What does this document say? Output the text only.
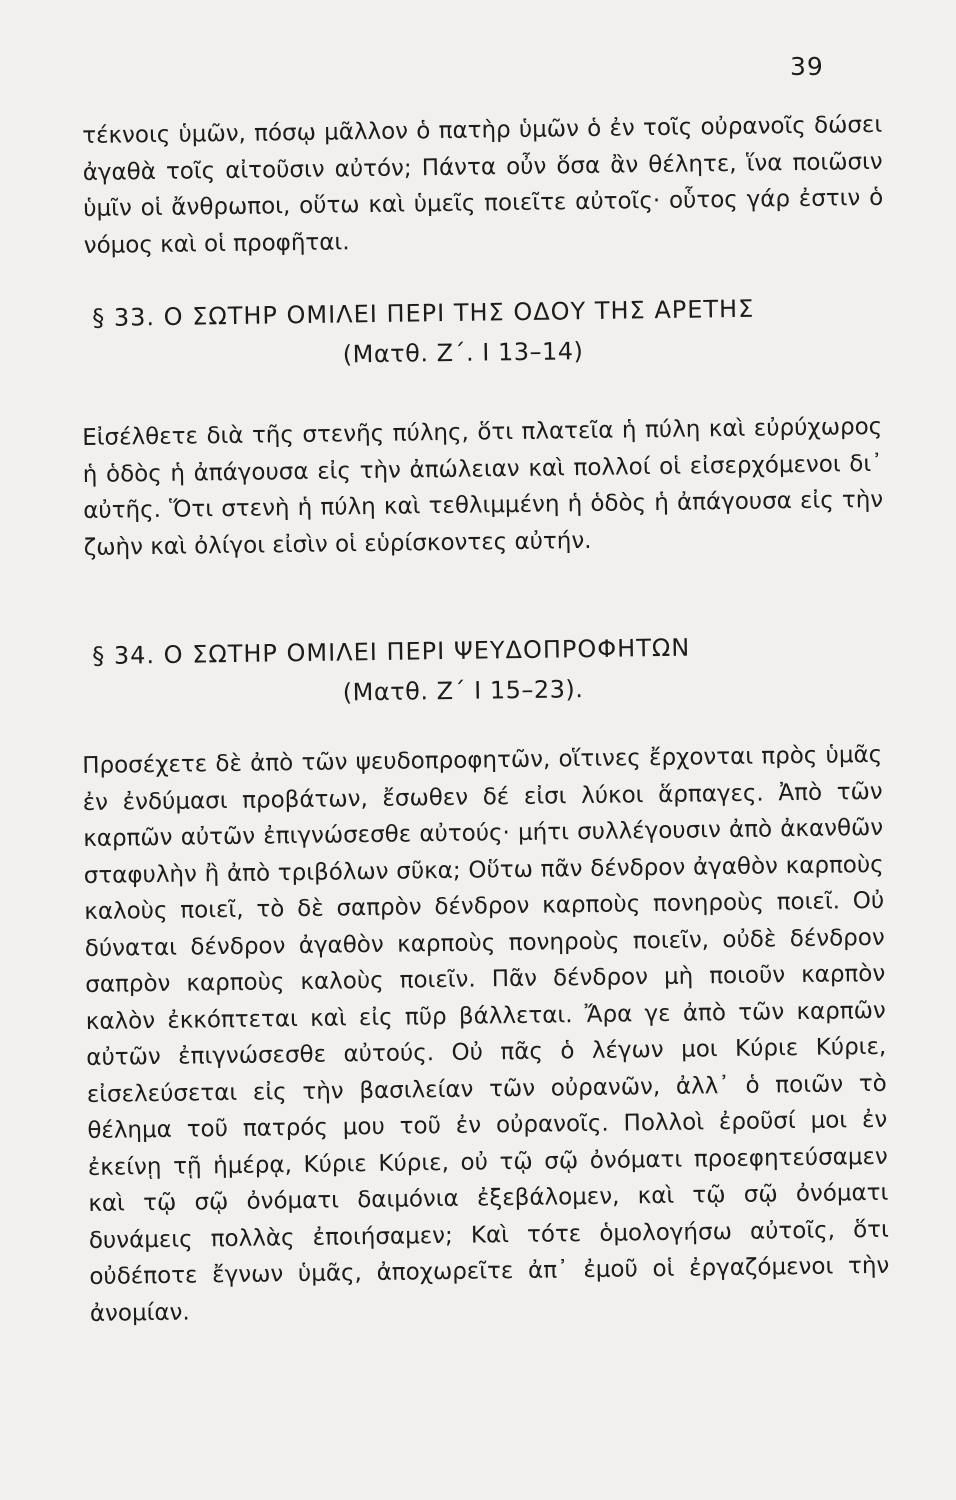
39
τέκνοις ὑμῶν, πόσῳ μᾶλλον ὁ πατὴρ ὑμῶν ὁ ἐν τοῖς οὐρανοῖς δώσει ἀγαθὰ τοῖς αἰτοῦσιν αὐτόν; Πάντα οὖν ὅσα ἂν θέλητε, ἵνα ποιῶσιν ὑμῖν οἱ ἄνθρωποι, οὕτω καὶ ὑμεῖς ποιεῖτε αὐτοῖς· οὗτος γάρ ἐστιν ὁ νόμος καὶ οἱ προφῆται.
§ 33. Ο ΣΩΤΗΡ ΟΜΙΛΕΙ ΠΕΡΙ ΤΗΣ ΟΔΟΥ ΤΗΣ ΑΡΕΤΗΣ
(Ματθ. Ζ΄. Ι 13–14)
Εἰσέλθετε διὰ τῆς στενῆς πύλης, ὅτι πλατεῖα ἡ πύλη καὶ εὐρύχωρος ἡ ὁδὸς ἡ ἀπάγουσα εἰς τὴν ἀπώλειαν καὶ πολλοί οἱ εἰσερχόμενοι δι᾽ αὐτῆς. Ὅτι στενὴ ἡ πύλη καὶ τεθλιμμένη ἡ ὁδὸς ἡ ἀπάγουσα εἰς τὴν ζωὴν καὶ ὀλίγοι εἰσὶν οἱ εὑρίσκοντες αὐτήν.
§ 34. Ο ΣΩΤΗΡ ΟΜΙΛΕΙ ΠΕΡΙ ΨΕΥΔΟΠΡΟΦΗΤΩΝ
(Ματθ. Ζ΄ Ι 15–23).
Προσέχετε δὲ ἀπὸ τῶν ψευδοπροφητῶν, οἵτινες ἔρχονται πρὸς ὑμᾶς ἐν ἐνδύμασι προβάτων, ἔσωθεν δέ εἰσι λύκοι ἅρπαγες. Ἀπὸ τῶν καρπῶν αὐτῶν ἐπιγνώσεσθε αὐτούς· μήτι συλλέγουσιν ἀπὸ ἀκανθῶν σταφυλὴν ἢ ἀπὸ τριβόλων σῦκα; Οὕτω πᾶν δένδρον ἀγαθὸν καρποὺς καλοὺς ποιεῖ, τὸ δὲ σαπρὸν δένδρον καρποὺς πονηροὺς ποιεῖ. Οὐ δύναται δένδρον ἀγαθὸν καρποὺς πονηροὺς ποιεῖν, οὐδὲ δένδρον σαπρὸν καρποὺς καλοὺς ποιεῖν. Πᾶν δένδρον μὴ ποιοῦν καρπὸν καλὸν ἐκκόπτεται καὶ εἰς πῦρ βάλλεται. Ἄρα γε ἀπὸ τῶν καρπῶν αὐτῶν ἐπιγνώσεσθε αὐτούς. Οὐ πᾶς ὁ λέγων μοι Κύριε Κύριε, εἰσελεύσεται εἰς τὴν βασιλείαν τῶν οὐρανῶν, ἀλλ᾽ ὁ ποιῶν τὸ θέλημα τοῦ πατρός μου τοῦ ἐν οὐρανοῖς. Πολλοὶ ἐροῦσί μοι ἐν ἐκείνῃ τῇ ἡμέρᾳ, Κύριε Κύριε, οὐ τῷ σῷ ὀνόματι προεφητεύσαμεν καὶ τῷ σῷ ὀνόματι δαιμόνια ἐξεβάλομεν, καὶ τῷ σῷ ὀνόματι δυνάμεις πολλὰς ἐποιήσαμεν; Καὶ τότε ὁμολογήσω αὐτοῖς, ὅτι οὐδέποτε ἔγνων ὑμᾶς, ἀποχωρεῖτε ἀπ᾽ ἐμοῦ οἱ ἐργαζόμενοι τὴν ἀνομίαν.
